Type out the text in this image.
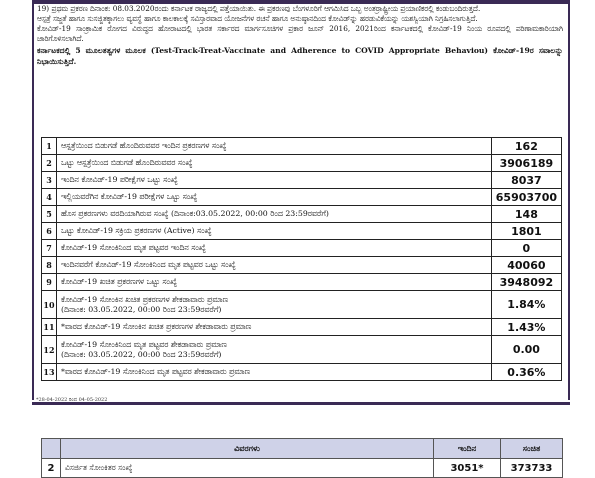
19) ಪ್ರಥಮ ಪ್ರಕರಣ ದಿನಾಂಕ: 08.03.2020ರಂದು ಕರ್ನಾಟಕ ರಾಜ್ಯದಲ್ಲಿ ಪತ್ತೆಯಾಯಿತು. ಈ ಪ್ರಕರಣವು ಬೆಂಗಳೂರಿಗೆ ಆಗಮಿಸಿದ ಒಬ್ಬ ಅಂತರ್ರಾಷ್ಟ್ರೀಯ ಪ್ರಯಾಣಿಕರಲ್ಲಿ ಕಂಡುಬಂದಿರುತ್ತದೆ.

ಆಸ್ಪತ್ರೆ ಸಜ್ಜತೆ ಹಾಗೂ ಸುಸಜ್ಜಿತಕ್ಕಾಗಲು ವ್ಯವಸ್ಥೆ ಹಾಗೂ ಕಾಲಕಾಲಕ್ಕೆ ಸವಿಸ್ತಾರವಾದ ಯೋಜನೆಗಳ ರಚನೆ ಹಾಗೂ ಅನುಷ್ಠಾನದಿಂದ ಕೋವಿಡ್‌ನ್ನು ಹರಡುವಿಕೆಯನ್ನು ಯಶಸ್ವಿಯಾಗಿ ನಿಗ್ರಹಿಸಲಾಗುತ್ತಿದೆ.

ಕೋವಿಡ್-19 ಸಾಂಕ್ರಾಮಿಕ ರೋಗದ ವಿರುದ್ಧದ ಹೋರಾಟದಲ್ಲಿ ಭಾರತ ಸರ್ಕಾರದ ಮಾರ್ಗಸೂಚಿಗಳ ಪ್ರಕಾರ ಜೂನ್ 2016, 2021ರಿಂದ ಕರ್ನಾಟಕದಲ್ಲಿ ಕೋವಿಡ್-19 ನಿಂಯ ರೂಪದಲ್ಲಿ ಪರಿಣಾಮಕಾರಿಯಾಗಿ ಜಾರಿಗೊಳಿಸಲಾಗಿದೆ.

ಕರ್ನಾಟಕದಲ್ಲಿ 5 ಮೂಲತತ್ವಗಳ ಮೂಲಕ (Test-Track-Treat-Vaccinate and Adherence to COVID Appropriate Behaviou) ಕೋವಿಡ್-19ರ ಸವಾಲನ್ನು ನಿಭಾಯಿಸುತ್ತಿದೆ.

1	ಆಸ್ಪತ್ರೆಯಿಂದ ಬಿಡುಗಡೆ ಹೊಂದಿರುವವರ ಇಂದಿನ ಪ್ರಕರಣಗಳ ಸಂಖ್ಯೆ	162
2	ಒಟ್ಟು ಆಸ್ಪತ್ರೆಯಿಂದ ಬಿಡುಗಡೆ ಹೊಂದಿರುವವರ ಸಂಖ್ಯೆ	3906189
3	ಇಂದಿನ ಕೋವಿಡ್-19 ಪರೀಕ್ಷೆಗಳ ಒಟ್ಟು ಸಂಖ್ಯೆ	8037
4	ಇಲ್ಲಿಯವರೆಗಿನ ಕೋವಿಡ್-19 ಪರೀಕ್ಷೆಗಳ ಒಟ್ಟು ಸಂಖ್ಯೆ	65903700
5	ಹೊಸ ಪ್ರಕರಣಗಳು ವರದಿಯಾಗಿರುವ ಸಂಖ್ಯೆ (ದಿನಾಂಕ:03.05.2022, 00:00 ರಿಂದ 23:59ರವರೆಗೆ)	148
6	ಒಟ್ಟು ಕೋವಿಡ್-19 ಸಕ್ರಿಯ ಪ್ರಕರಣಗಳ (Active) ಸಂಖ್ಯೆ	1801
7	ಕೋವಿಡ್-19 ಸೋಂಕಿನಿಂದ ಮೃತ ಪಟ್ಟವರ ಇಂದಿನ ಸಂಖ್ಯೆ	0
8	ಇಂದಿನವರೆಗೆ ಕೋವಿಡ್-19 ಸೋಂಕಿನಿಂದ ಮೃತ ಪಟ್ಟವರ ಒಟ್ಟು ಸಂಖ್ಯೆ	40060
9	ಕೋವಿಡ್-19 ಖಚಿತ ಪ್ರಕರಣಗಳ ಒಟ್ಟು ಸಂಖ್ಯೆ	3948092
10	ಕೋವಿಡ್-19 ಸೋಂಕಿನ ಖಚಿತ ಪ್ರಕರಣಗಳ ಶೇಕಡಾವಾರು ಪ್ರಮಾಣ
(ದಿನಾಂಕ: 03.05.2022, 00:00 ರಿಂದ 23:59ರವರೆಗೆ)	1.84%
11	*ವಾರದ ಕೋವಿಡ್-19 ಸೋಂಕಿನ ಖಚಿತ ಪ್ರಕರಣಗಳ ಶೇಕಡಾವಾರು ಪ್ರಮಾಣ	1.43%
12	ಕೋವಿಡ್-19 ಸೋಂಕಿನಿಂದ ಮೃತ ಪಟ್ಟವರ ಶೇಕಡಾವಾರು ಪ್ರಮಾಣ
(ದಿನಾಂಕ: 03.05.2022, 00:00 ರಿಂದ 23:59ರವರೆಗೆ)	0.00
13	*ವಾರದ ಕೋವಿಡ್-19 ಸೋಂಕಿನಿಂದ ಮೃತ ಪಟ್ಟವರ ಶೇಕಡಾವಾರು ಪ್ರಮಾಣ	0.36%
*28-04-2022 ರಿಂದ 04-05-2022
	ವಿವರಗಳು	ಇಂದಿನ	ಸಂಚಿತ
2	ವಿಸರ್ಜಿತ ಸೋಂಕಿತರ ಸಂಖ್ಯೆ	3051*	373733
